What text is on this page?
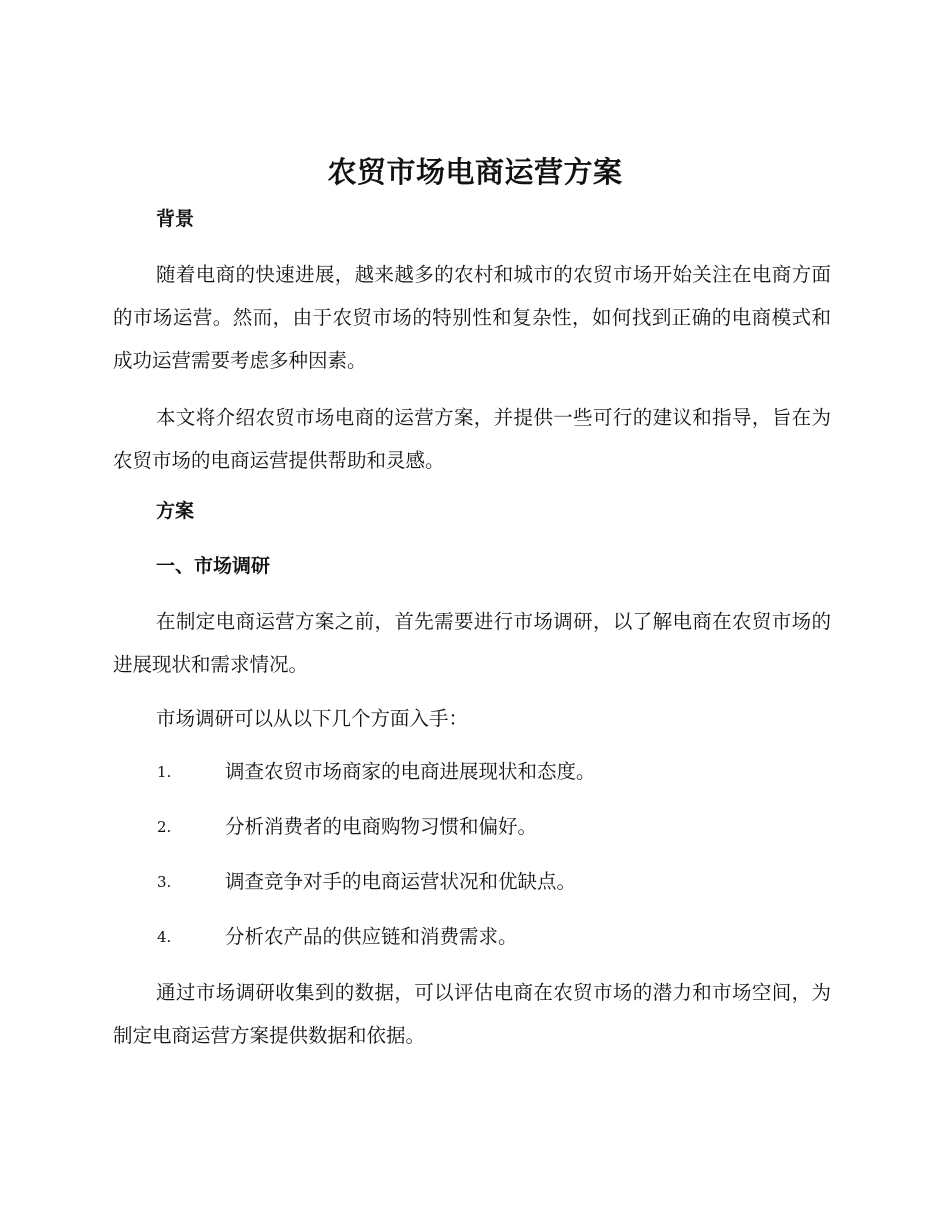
农贸市场电商运营方案
背景
随着电商的快速进展，越来越多的农村和城市的农贸市场开始关注在电商方面的市场运营。然而，由于农贸市场的特别性和复杂性，如何找到正确的电商模式和成功运营需要考虑多种因素。
本文将介绍农贸市场电商的运营方案，并提供一些可行的建议和指导，旨在为农贸市场的电商运营提供帮助和灵感。
方案
一、市场调研
在制定电商运营方案之前，首先需要进行市场调研，以了解电商在农贸市场的进展现状和需求情况。
市场调研可以从以下几个方面入手：
1.	调查农贸市场商家的电商进展现状和态度。
2.	分析消费者的电商购物习惯和偏好。
3.	调查竞争对手的电商运营状况和优缺点。
4.	分析农产品的供应链和消费需求。
通过市场调研收集到的数据，可以评估电商在农贸市场的潜力和市场空间，为制定电商运营方案提供数据和依据。
